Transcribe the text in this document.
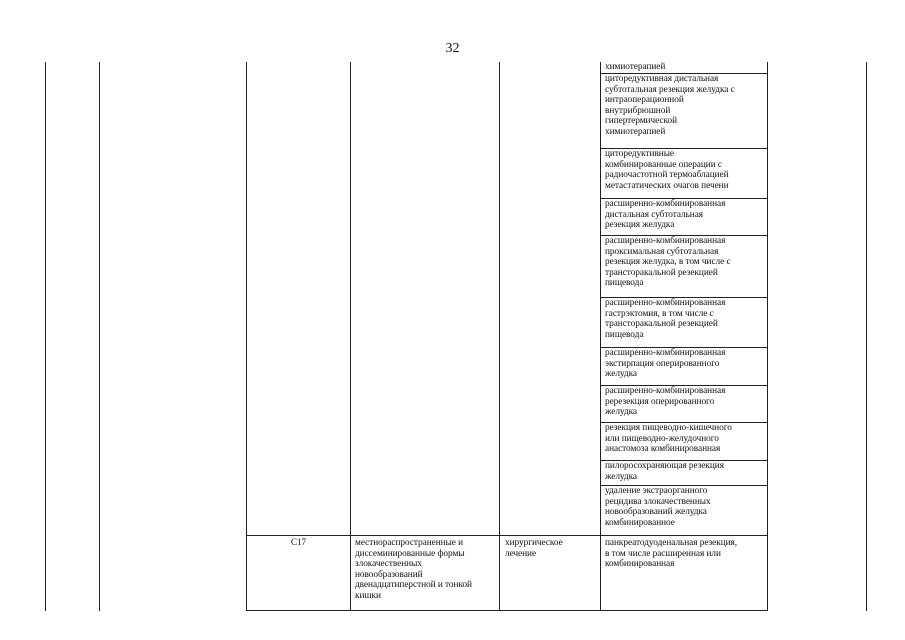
32
химиотерапией
циторедуктивная дистальная
субтотальная резекция желудка с
интраоперационной
внутрибрюшной
гипертермической
химиотерапией
циторедуктивные
комбинированные операции с
радиочастотной термоаблацией
метастатических очагов печени
расширенно-комбинированная
дистальная субтотальная
резекция желудка
расширенно-комбинированная
проксимальная субтотальная
резекция желудка, в том числе с
трансторакальной резекцией
пищевода
расширенно-комбинированная
гастрэктомия, в том числе с
трансторакальной резекцией
пищевода
расширенно-комбинированная
экстирпация оперированного
желудка
расширенно-комбинированная
ререзекция оперированного
желудка
резекция пищеводно-кишечного
или пищеводно-желудочного
анастомоза комбинированная
пилоросохраняющая резекция
желудка
удаление экстраорганного
рецидива злокачественных
новообразований желудка
комбинированное
C17	местнораспространенные и
диссеминированные формы
злокачественных
новообразований
двенадцатиперстной и тонкой
кишки
хирургическое
лечение
панкреатодуоденальная резекция,
в том числе расширенная или
комбинированная
